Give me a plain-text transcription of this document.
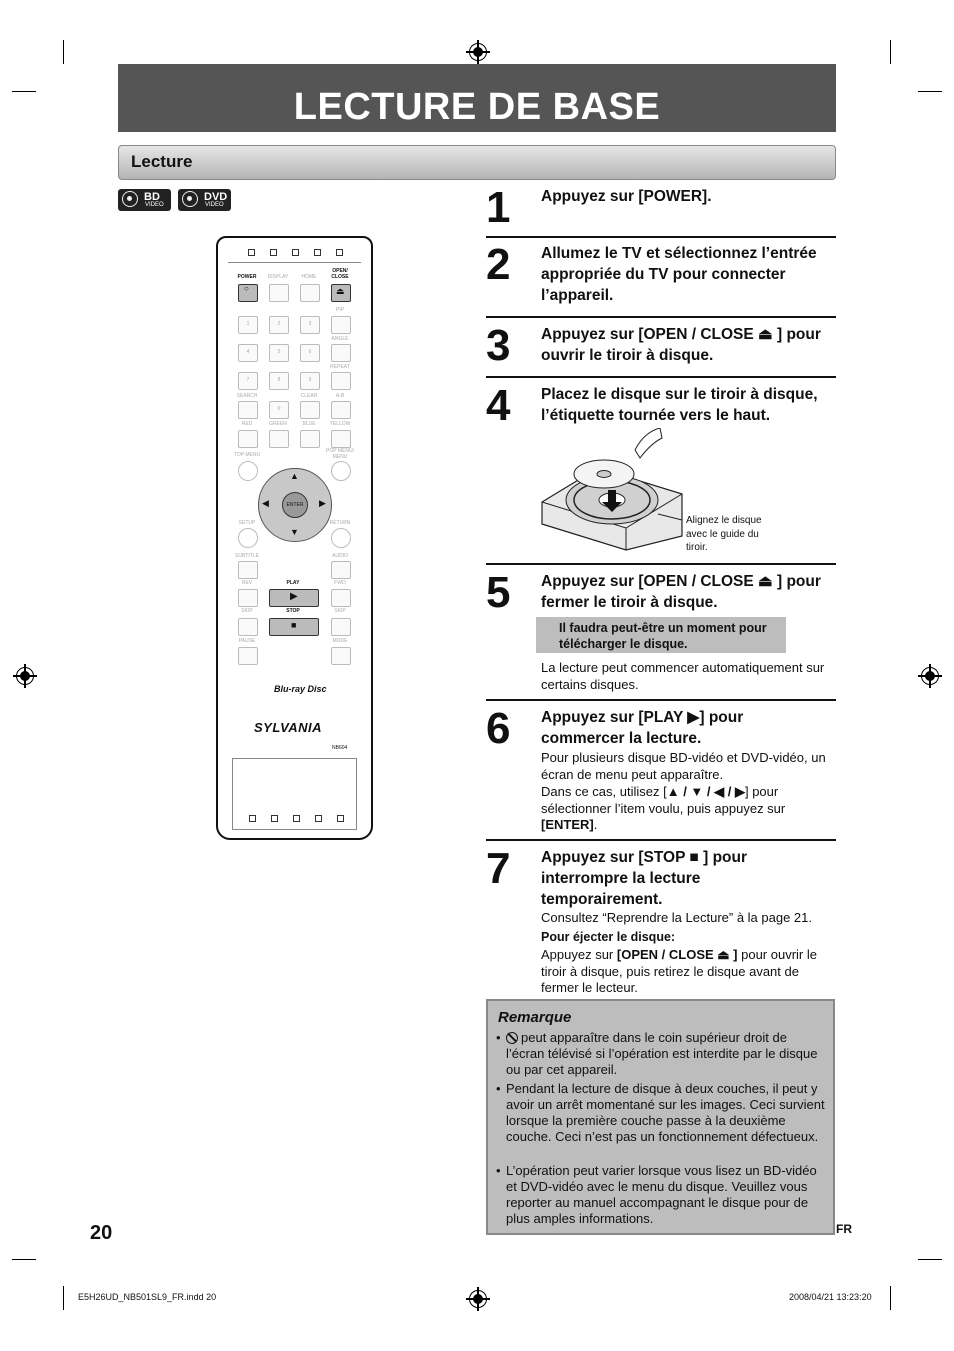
LECTURE DE BASE
Lecture
BD
VIDEO
DVD
VIDEO
POWER	DISPLAY	HOME
OPEN/ CLOSE
○	⏏
PIP
1	2	3
ANGLE
4	5	6
REPEAT
7	8	9
SEARCH	CLEAR	A-B
0
RED	GREEN	BLUE	YELLOW
TOP MENU
POP MENU/ MENU
▲
▼
◀	▶
ENTER
SETUP	RETURN
SUBTITLE	AUDIO
REV	PLAY	FWD
▶
SKIP	STOP	SKIP
■
PAUSE	MODE
Blu-ray Disc
SYLVANIA
NB604
1 Appuyez sur [POWER].
2 Allumez le TV et sélectionnez l’entrée appropriée du TV pour connecter l’appareil.
3 Appuyez sur [OPEN / CLOSE ⏏ ] pour ouvrir le tiroir à disque.
4 Placez le disque sur le tiroir à disque, l’étiquette tournée vers le haut.
Alignez le disque avec le guide du tiroir.
5 Appuyez sur [OPEN / CLOSE ⏏ ] pour fermer le tiroir à disque.
Il faudra peut-être un moment pour télécharger le disque.
La lecture peut commencer automatiquement sur certains disques.
6 Appuyez sur [PLAY ▶] pour commercer la lecture.
Pour plusieurs disque BD-vidéo et DVD-vidéo, un écran de menu peut apparaître.
Dans ce cas, utilisez [▲ / ▼ / ◀ / ▶] pour sélectionner l’item voulu, puis appuyez sur [ENTER].
7 Appuyez sur [STOP ■ ] pour interrompre la lecture temporairement.
Consultez “Reprendre la Lecture” à la page 21.
Pour éjecter le disque:
Appuyez sur [OPEN / CLOSE ⏏ ] pour ouvrir le tiroir à disque, puis retirez le disque avant de fermer le lecteur.
Remarque
• peut apparaître dans le coin supérieur droit de l’écran télévisé si l’opération est interdite par le disque ou par cet appareil.
• Pendant la lecture de disque à deux couches, il peut y avoir un arrêt momentané sur les images. Ceci survient lorsque la première couche passe à la deuxième couche. Ceci n’est pas un fonctionnement défectueux.
• L’opération peut varier lorsque vous lisez un BD-vidéo et DVD-vidéo avec le menu du disque. Veuillez vous reporter au manuel accompagnant le disque pour de plus amples informations.
20	FR
E5H26UD_NB501SL9_FR.indd 20	2008/04/21 13:23:20
